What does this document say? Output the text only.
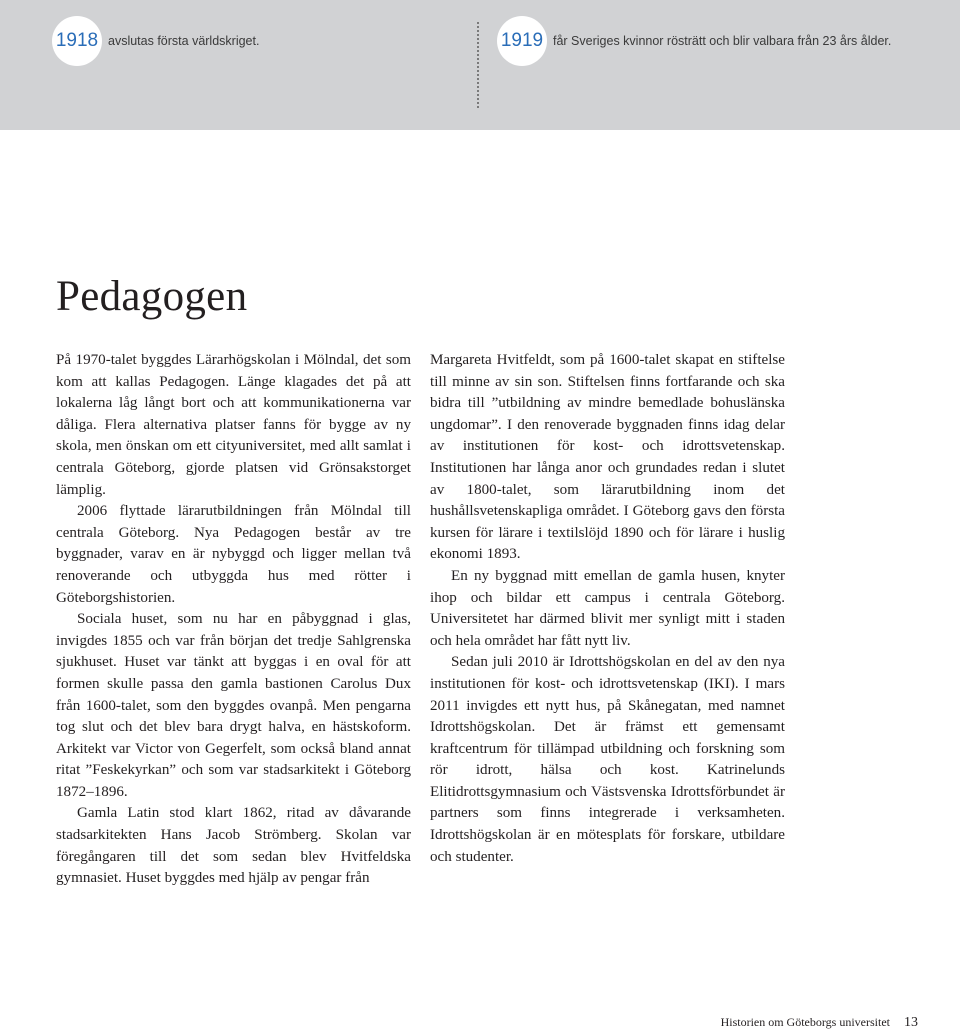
1918 avslutas första världskriget.	1919 får Sveriges kvinnor rösträtt och blir valbara från 23 års ålder.
Pedagogen

På 1970-talet byggdes Lärarhögskolan i Mölndal, det som kom att kallas Pedagogen. Länge klagades det på att lokalerna låg långt bort och att kommunikationerna var dåliga. Flera alternativa platser fanns för bygge av ny skola, men önskan om ett cityuniversitet, med allt samlat i centrala Göteborg, gjorde platsen vid Grönsakstorget lämplig.

2006 flyttade lärarutbildningen från Mölndal till centrala Göteborg. Nya Pedagogen består av tre byggnader, varav en är nybyggd och ligger mellan två renoverande och utbyggda hus med rötter i Göteborgshistorien.

Sociala huset, som nu har en påbyggnad i glas, invigdes 1855 och var från början det tredje Sahlgrenska sjukhuset. Huset var tänkt att byggas i en oval för att formen skulle passa den gamla bastionen Carolus Dux från 1600-talet, som den byggdes ovanpå. Men pengarna tog slut och det blev bara drygt halva, en hästskoform. Arkitekt var Victor von Gegerfelt, som också bland annat ritat ”Feskekyrkan” och som var stadsarkitekt i Göteborg 1872–1896.

Gamla Latin stod klart 1862, ritad av dåvarande stadsarkitekten Hans Jacob Strömberg. Skolan var föregångaren till det som sedan blev Hvitfeldska gymnasiet. Huset byggdes med hjälp av pengar från

Margareta Hvitfeldt, som på 1600-talet skapat en stiftelse till minne av sin son. Stiftelsen finns fortfarande och ska bidra till ”utbildning av mindre bemedlade bohuslänska ungdomar”. I den renoverade byggnaden finns idag delar av institutionen för kost- och idrottsvetenskap. Institutionen har långa anor och grundades redan i slutet av 1800-talet, som lärarutbildning inom det hushållsvetenskapliga området. I Göteborg gavs den första kursen för lärare i textilslöjd 1890 och för lärare i huslig ekonomi 1893.

En ny byggnad mitt emellan de gamla husen, knyter ihop och bildar ett campus i centrala Göteborg. Universitetet har därmed blivit mer synligt mitt i staden och hela området har fått nytt liv.

Sedan juli 2010 är Idrottshögskolan en del av den nya institutionen för kost- och idrottsvetenskap (IKI). I mars 2011 invigdes ett nytt hus, på Skånegatan, med namnet Idrottshögskolan. Det är främst ett gemensamt kraftcentrum för tillämpad utbildning och forskning som rör idrott, hälsa och kost. Katrinelunds Elitidrottsgymnasium och Västsvenska Idrottsförbundet är partners som finns integrerade i verksamheten. Idrottshögskolan är en mötesplats för forskare, utbildare och studenter.

Historien om Göteborgs universitet 13
